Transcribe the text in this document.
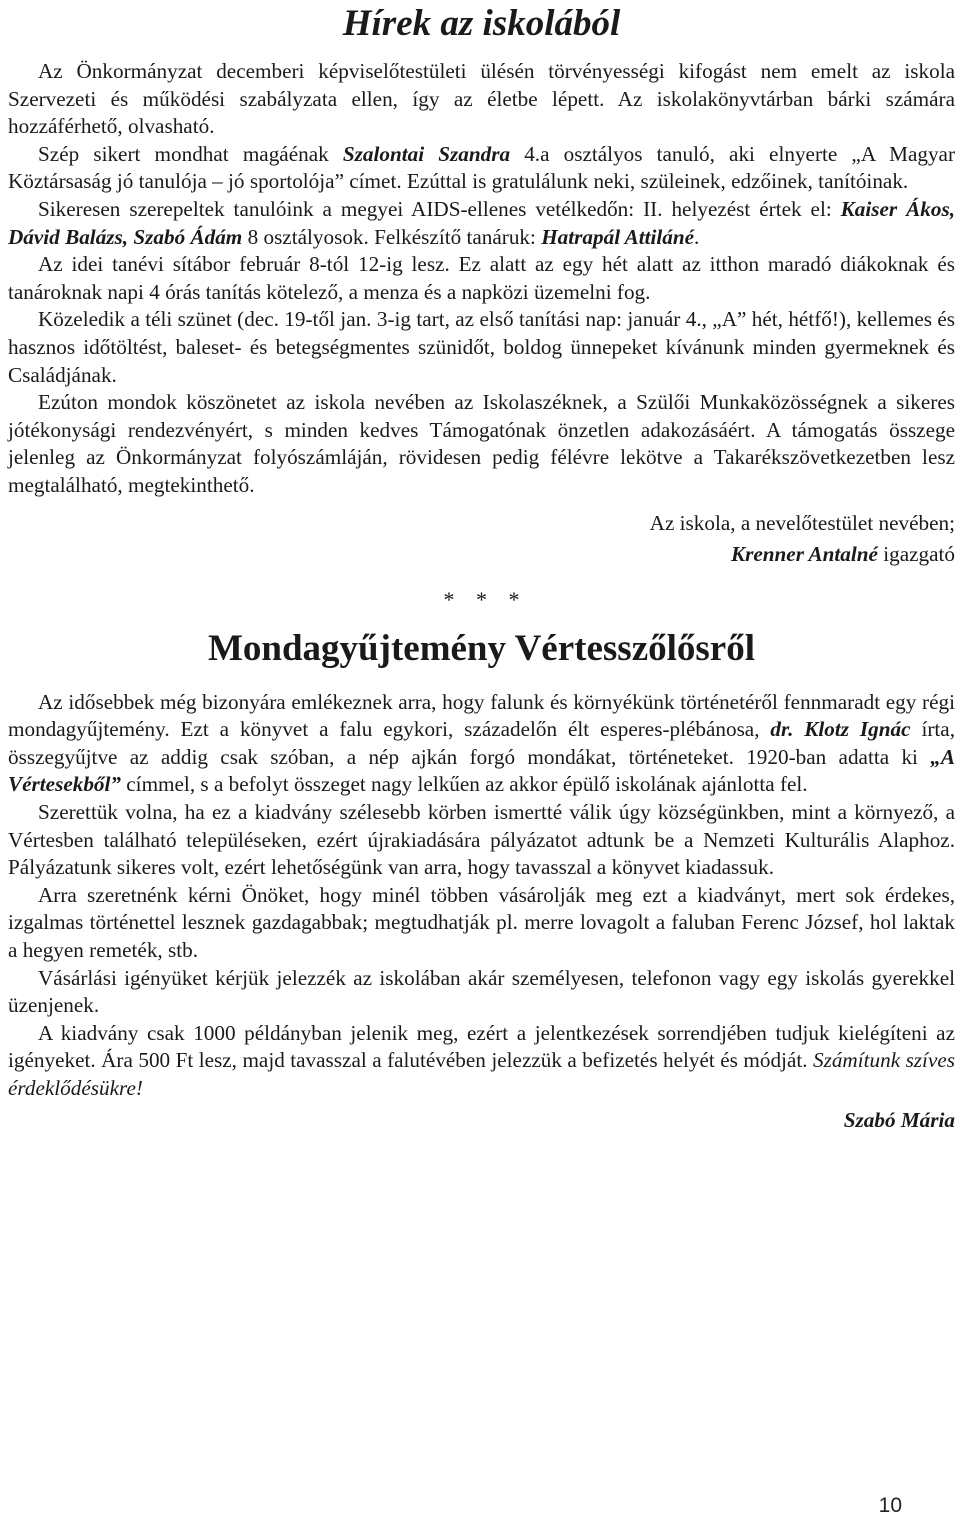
Hírek az iskolából

Az Önkormányzat decemberi képviselőtestületi ülésén törvényességi kifogást nem emelt az iskola Szervezeti és működési szabályzata ellen, így az életbe lépett. Az iskolakönyvtárban bárki számára hozzáférhető, olvasható.

Szép sikert mondhat magáénak Szalontai Szandra 4.a osztályos tanuló, aki elnyerte „A Magyar Köztársaság jó tanulója – jó sportolója” címet. Ezúttal is gratulálunk neki, szüleinek, edzőinek, tanítóinak.

Sikeresen szerepeltek tanulóink a megyei AIDS-ellenes vetélkedőn: II. helyezést értek el: Kaiser Ákos, Dávid Balázs, Szabó Ádám 8 osztályosok. Felkészítő tanáruk: Hatrapál Attiláné.

Az idei tanévi sítábor február 8-tól 12-ig lesz. Ez alatt az egy hét alatt az itthon maradó diákoknak és tanároknak napi 4 órás tanítás kötelező, a menza és a napközi üzemelni fog.

Közeledik a téli szünet (dec. 19-től jan. 3-ig tart, az első tanítási nap: január 4., „A” hét, hétfő!), kellemes és hasznos időtöltést, baleset- és betegségmentes szünidőt, boldog ünnepeket kívánunk minden gyermeknek és Családjának.

Ezúton mondok köszönetet az iskola nevében az Iskolaszéknek, a Szülői Munkaközösségnek a sikeres jótékonysági rendezvényért, s minden kedves Támogatónak önzetlen adakozásáért. A támogatás összege jelenleg az Önkormányzat folyószámláján, rövidesen pedig félévre lekötve a Takarékszövetkezetben lesz megtalálható, megtekinthető.

Az iskola, a nevelőtestület nevében;

Krenner Antalné igazgató

* * *
Mondagyűjtemény Vértesszőlősről

Az idősebbek még bizonyára emlékeznek arra, hogy falunk és környékünk történetéről fennmaradt egy régi mondagyűjtemény. Ezt a könyvet a falu egykori, századelőn élt esperes-plébánosa, dr. Klotz Ignác írta, összegyűjtve az addig csak szóban, a nép ajkán forgó mondákat, történeteket. 1920-ban adatta ki „A Vértesekből” címmel, s a befolyt összeget nagy lelkűen az akkor épülő iskolának ajánlotta fel.

Szerettük volna, ha ez a kiadvány szélesebb körben ismertté válik úgy községünkben, mint a környező, a Vértesben található településeken, ezért újrakiadására pályázatot adtunk be a Nemzeti Kulturális Alaphoz. Pályázatunk sikeres volt, ezért lehetőségünk van arra, hogy tavasszal a könyvet kiadassuk.

Arra szeretnénk kérni Önöket, hogy minél többen vásárolják meg ezt a kiadványt, mert sok érdekes, izgalmas történettel lesznek gazdagabbak; megtudhatják pl. merre lovagolt a faluban Ferenc József, hol laktak a hegyen remeték, stb.

Vásárlási igényüket kérjük jelezzék az iskolában akár személyesen, telefonon vagy egy iskolás gyerekkel üzenjenek.

A kiadvány csak 1000 példányban jelenik meg, ezért a jelentkezések sorrendjében tudjuk kielégíteni az igényeket. Ára 500 Ft lesz, majd tavasszal a falutévében jelezzük a befizetés helyét és módját. Számítunk szíves érdeklődésükre!

Szabó Mária

10
